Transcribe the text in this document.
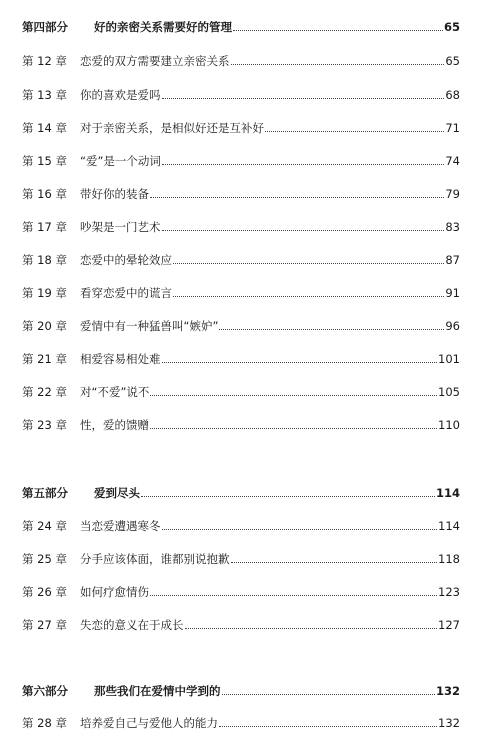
第四部分	好的亲密关系需要好的管理	65
第 12 章	恋爱的双方需要建立亲密关系	65
第 13 章	你的喜欢是爱吗	68
第 14 章	对于亲密关系，是相似好还是互补好	71
第 15 章	“爱”是一个动词	74
第 16 章	带好你的装备	79
第 17 章	吵架是一门艺术	83
第 18 章	恋爱中的晕轮效应	87
第 19 章	看穿恋爱中的谎言	91
第 20 章	爱情中有一种猛兽叫“嫉妒”	96
第 21 章	相爱容易相处难	101
第 22 章	对“不爱”说不	105
第 23 章	性，爱的馈赠	110
第五部分	爱到尽头	114
第 24 章	当恋爱遭遇寒冬	114
第 25 章	分手应该体面，谁都别说抱歉	118
第 26 章	如何疗愈情伤	123
第 27 章	失恋的意义在于成长	127
第六部分	那些我们在爱情中学到的	132
第 28 章	培养爱自己与爱他人的能力	132
